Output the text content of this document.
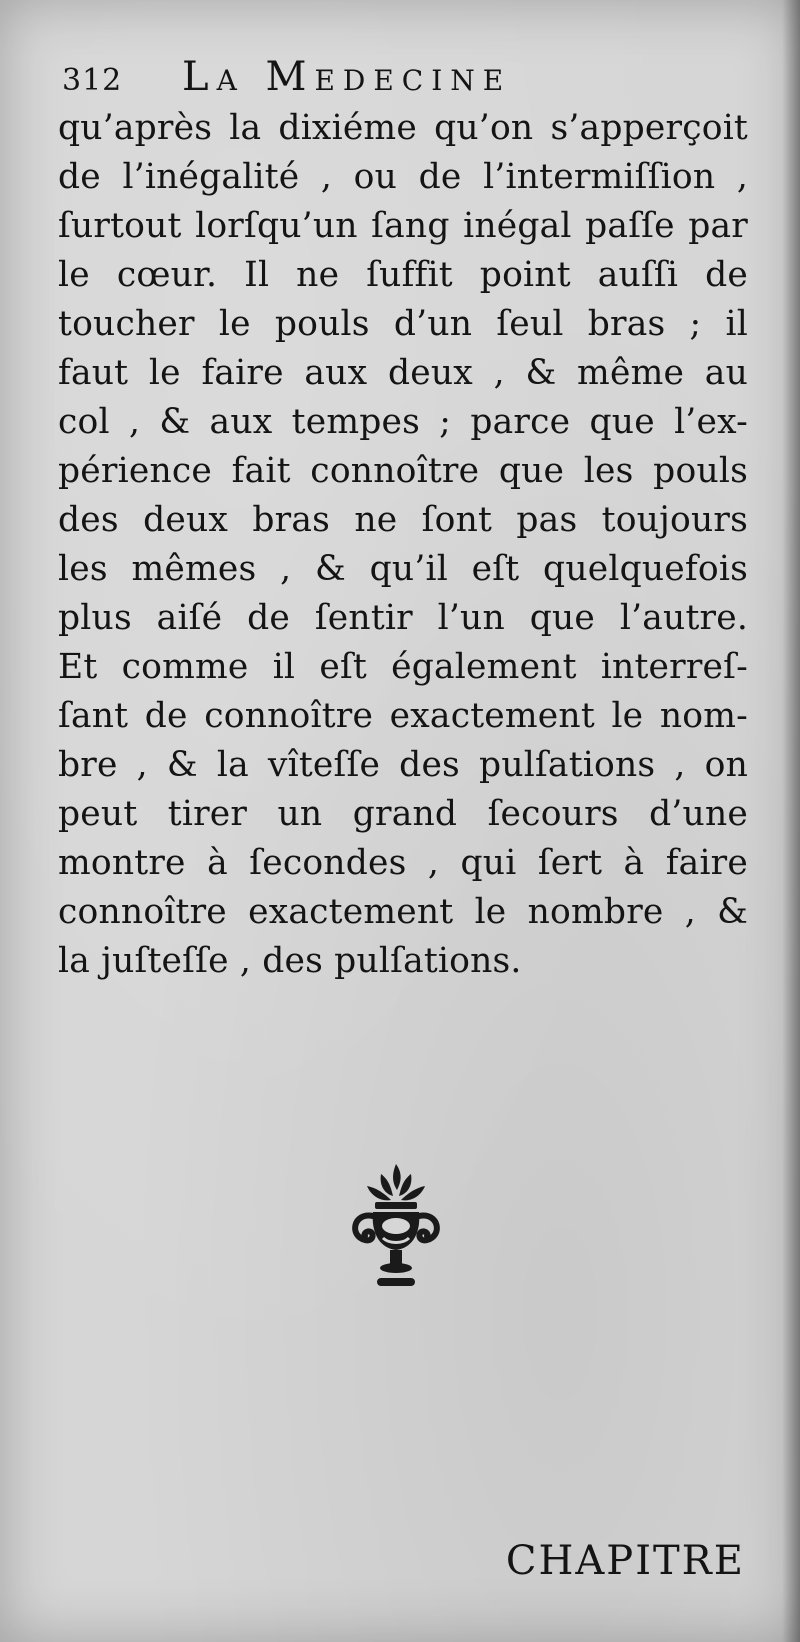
312	La Medecine
qu’après la dixiéme qu’on s’apperçoit
de l’inégalité , ou de l’intermiſſion ,
ſurtout lorſqu’un ſang inégal paſſe par
le cœur. Il ne ſuffit point auſſi de
toucher le pouls d’un ſeul bras ; il
faut le faire aux deux , & même au
col , & aux tempes ; parce que l’ex-
périence fait connoître que les pouls
des deux bras ne ſont pas toujours
les mêmes , & qu’il eſt quelquefois
plus aiſé de ſentir l’un que l’autre.
Et comme il eſt également interreſ-
ſant de connoître exactement le nom-
bre , & la vîteſſe des pulſations , on
peut tirer un grand ſecours d’une
montre à ſecondes , qui ſert à faire
connoître exactement le nombre , &
la juſteſſe , des pulſations.
CHAPITRE
